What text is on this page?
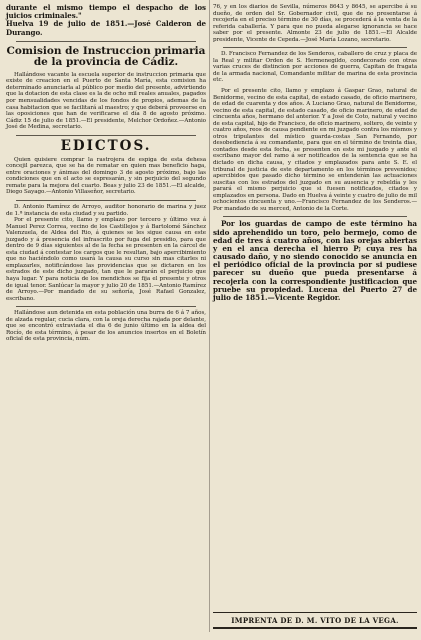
durante el mismo tiempo el despacho de los juicios criminales."

Huelva 19 de julio de 1851.—José Calderon de Durango.

Comision de Instruccion primaria de la provincia de Cádiz.

Hallándose vacante la escuela superior de instruccion primaria que existe de creacion en el Puerto de Santa María, esta comision ha determinado anunciarla al público por medio del presente, advirtiendo que la dotacion de esta clase es la de ocho mil reales anuales, pagados por mensualidades vencidas de los fondos de propios, ademas de la casa habitacion que se facilitará al maestro; y que deberá proveerse en las oposiciones que han de verificarse el día 8 de agosto próximo. Cádiz 15 de julio de 1851.—El presidente, Melchor Ordoñez.—Antonio José de Medina, secretario.

EDICTOS.

Quien quisiere comprar la rastrojera de espiga de esta dehesa concejil parezca, que se ha de rematar en quien mas beneficio haga, entre oraciones y ánimas del domingo 3 de agosto próximo, bajo las condiciones que en el acto se espresarán, y sin perjuicio del segundo remate para la mejora del cuarto. Beas y julio 23 de 1851.—El alcalde, Diego Sayago.—Antonio Villaseñor, secretario.

D. Antonio Ramírez de Arroyo, auditor honorario de marina y juez de 1.ª instancia de esta ciudad y su partido.

Por el presente cito, llamo y emplazo por tercero y último vez á Manuel Perez Correa, vecino de los Castillejos y á Bartolomé Sánchez Valenzuela, de Aldea del Rio, á quienes se les sigue causa en este juzgado y á presencia del infrascrito por fuga del presidio, para que dentro de 9 días siguientes al de la fecha se presenten en la cárcel de esta ciudad á contestar los cargos que le resultan, bajo apercibimiento que no haciéndolo como usará la causa su curso sin mas citarles ni emplazarles, notificándose las providencias que se dictaren en los estrados de este dicho juzgado, tan que le pararán el perjuicio que haya lugar. Y para noticia de los mendichos se fija el presente y otros de igual tenor. Sanlúcar la mayor y julio 20 de 1851.—Antonio Ramírez de Arroyo.—Por mandado de su señoría, José Rafael Gonzalez, escribano.

Hallándose aun detenida en esta población una burra de 6 á 7 años, de alzada regular, cucia clara, con la oreja derecha rajada por delante, que se encontró extraviada el dia 6 de junio último en la aldea del Rocío, de esta término, á pesar de los anuncios insertos en el Boletín oficial de esta provincia, núm.

76, y en los diarios de Sevilla, números 8643 y 8645, se apercibe á su dueño, de orden del Sr. Gobernador civil, que de no presentarse á recojerla en el preciso término de 30 días, se procederá á la venta de la referida caballería. Y para que no pueda alegarse ignorancia se hace saber por el presente. Almonte 23 de julio de 1851.—El Alcalde presidente, Vicente de Cepeda.—José María Lozano, secretario.

D. Francisco Fernandez de los Senderos, caballero de cruz y placa de la Real y militar Orden de S. Hermenegildo, condecorado con otras varias cruces de distincion por acciones de guerra, Capitan de fragata de la armada nacional, Comandante militar de marina de esta provincia etc.

Por el presente cito, llamo y emplazo á Gaspar Grao, natural de Benidorme, vecino de esta capital, de estado casado, de oficio marinero, de edad de cuarenta y dos años. A Luciano Grao, natural de Benidorme, vecino de esta capital, de estado casado, de oficio marinero, de edad de cincuenta años, hermano del anterior. Y a José de Coto, natural y vecino de esta capital, hijo de Francisco, de oficio marinero, soltero, de veinte y cuatro años, reos de causa pendiente en mi juzgado contra los mismos y otros tripulantes del místico guarda-costas San Fernando, por desobediencia á su comandante, para que en el término de treinta días, contados desde esta fecha, se presenten en este mi juzgado y ante el escribano mayor del ramo á ser notificados de la sentencia que se ha dictado en dicha causa, y citados y emplazados para ante S. E. el tribunal de justicia de este departamento en los términos prevenidos; apercibidos que pasado dicho término se entenderán las actuaciones suscitas con los estrados del juzgado en su ausencia y rebeldía y les parará el mismo perjuicio que si fuesen notificados, citados y emplazados en persona. Dado en Huelva á veinte y cuatro de julio de mil ochocientos cincuenta y uno.—Francisco Fernandez de los Senderos.—Por mandado de su merced, Antonio de la Corte.

Por los guardas de campo de este término ha sido aprehendido un toro, pelo bermejo, como de edad de tres á cuatro años, con las orejas abiertas y en el anca derecha el hierro P; cuya res ha causado daño, y no siendo conocido se anuncia en el periódico oficial de la provincia por si pudiese parecer su dueño que pueda presentarse á recojerla con la correspondiente justificacion que pruebe su propiedad. Lucena del Puerto 27 de julio de 1851.—Vicente Regidor.

IMPRENTA DE D. M. VITO DE LA VEGA.
